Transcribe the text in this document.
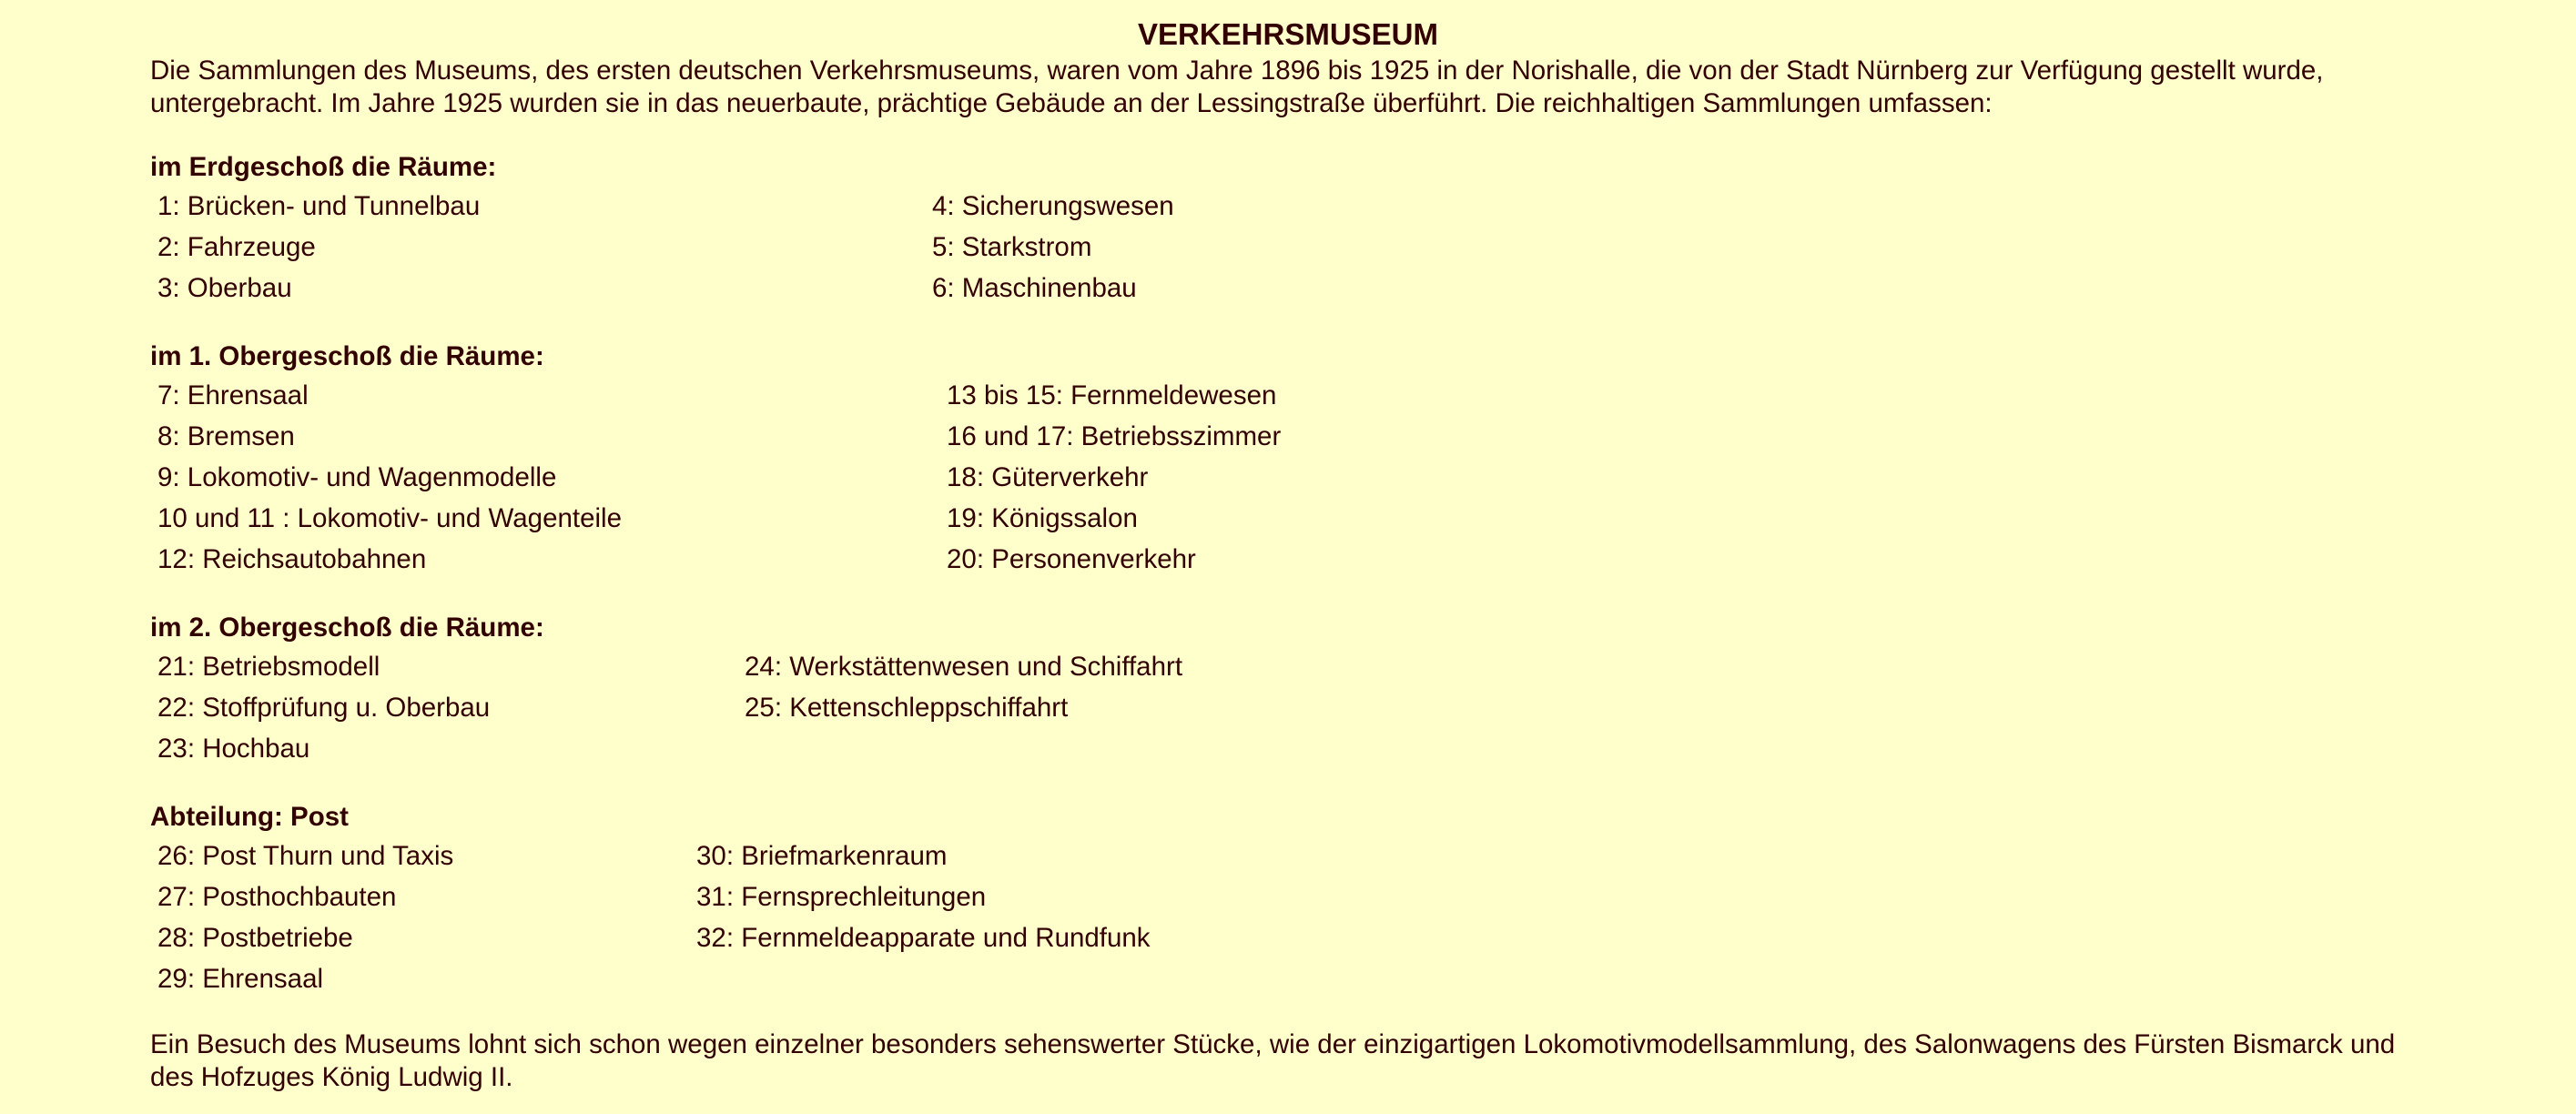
VERKEHRSMUSEUM
Die Sammlungen des Museums, des ersten deutschen Verkehrsmuseums, waren vom Jahre 1896 bis 1925 in der Norishalle, die von der Stadt Nürnberg zur Verfügung gestellt wurde, untergebracht. Im Jahre 1925 wurden sie in das neuerbaute, prächtige Gebäude an der Lessingstraße überführt. Die reichhaltigen Sammlungen umfassen:
im Erdgeschoß die Räume:
1: Brücken- und Tunnelbau
2: Fahrzeuge
3: Oberbau
4: Sicherungswesen
5: Starkstrom
6: Maschinenbau
im 1. Obergeschoß die Räume:
7: Ehrensaal
8: Bremsen
9: Lokomotiv- und Wagenmodelle
10 und 11 : Lokomotiv- und Wagenteile
12: Reichsautobahnen
13 bis 15: Fernmeldewesen
16 und 17: Betriebsszimmer
18: Güterverkehr
19: Königssalon
20: Personenverkehr
im 2. Obergeschoß die Räume:
21: Betriebsmodell
22: Stoffprüfung u. Oberbau
23: Hochbau
24: Werkstättenwesen und Schiffahrt
25: Kettenschleppschiffahrt
Abteilung: Post
26: Post Thurn und Taxis
27: Posthochbauten
28: Postbetriebe
29: Ehrensaal
30: Briefmarkenraum
31: Fernsprechleitungen
32: Fernmeldeapparate und Rundfunk
Ein Besuch des Museums lohnt sich schon wegen einzelner besonders sehenswerter Stücke, wie der einzigartigen Lokomotivmodellsammlung, des Salonwagens des Fürsten Bismarck und des Hofzuges König Ludwig II.
